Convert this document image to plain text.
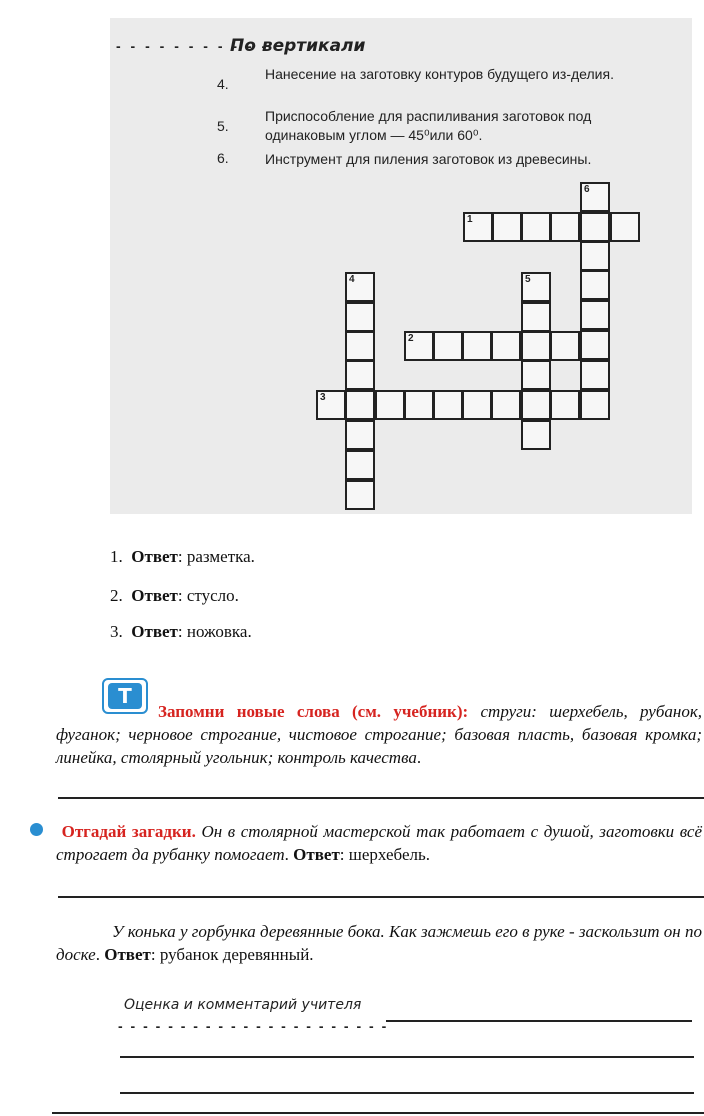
- - - - - - - - - - -
По вертикали
4.
Нанесение на заготовку контуров будущего из-делия.
5.
Приспособление для распиливания заготовок под одинаковым углом — 45⁰или 60⁰.
6.	Инструмент для пиления заготовок из древесины.
1
6
4	5
2
3
1. Ответ: разметка.
2. Ответ: стусло.
3. Ответ: ножовка.
T
Запомни новые слова (см. учебник): струги: шерхебель, рубанок, фуганок; черновое строгание, чистовое строгание; базовая пласть, базовая кромка; линейка, столярный угольник; контроль качества.
Отгадай загадки. Он в столярной мастерской так работает с душой, заготовки всё строгает да рубанку помогает. Ответ: шерхебель.
У конька у горбунка деревянные бока. Как зажмешь его в руке - заскользит он по доске. Ответ: рубанок деревянный.
Оценка и комментарий учителя
- - - - - - - - - - - - - - - - - - - - - -
